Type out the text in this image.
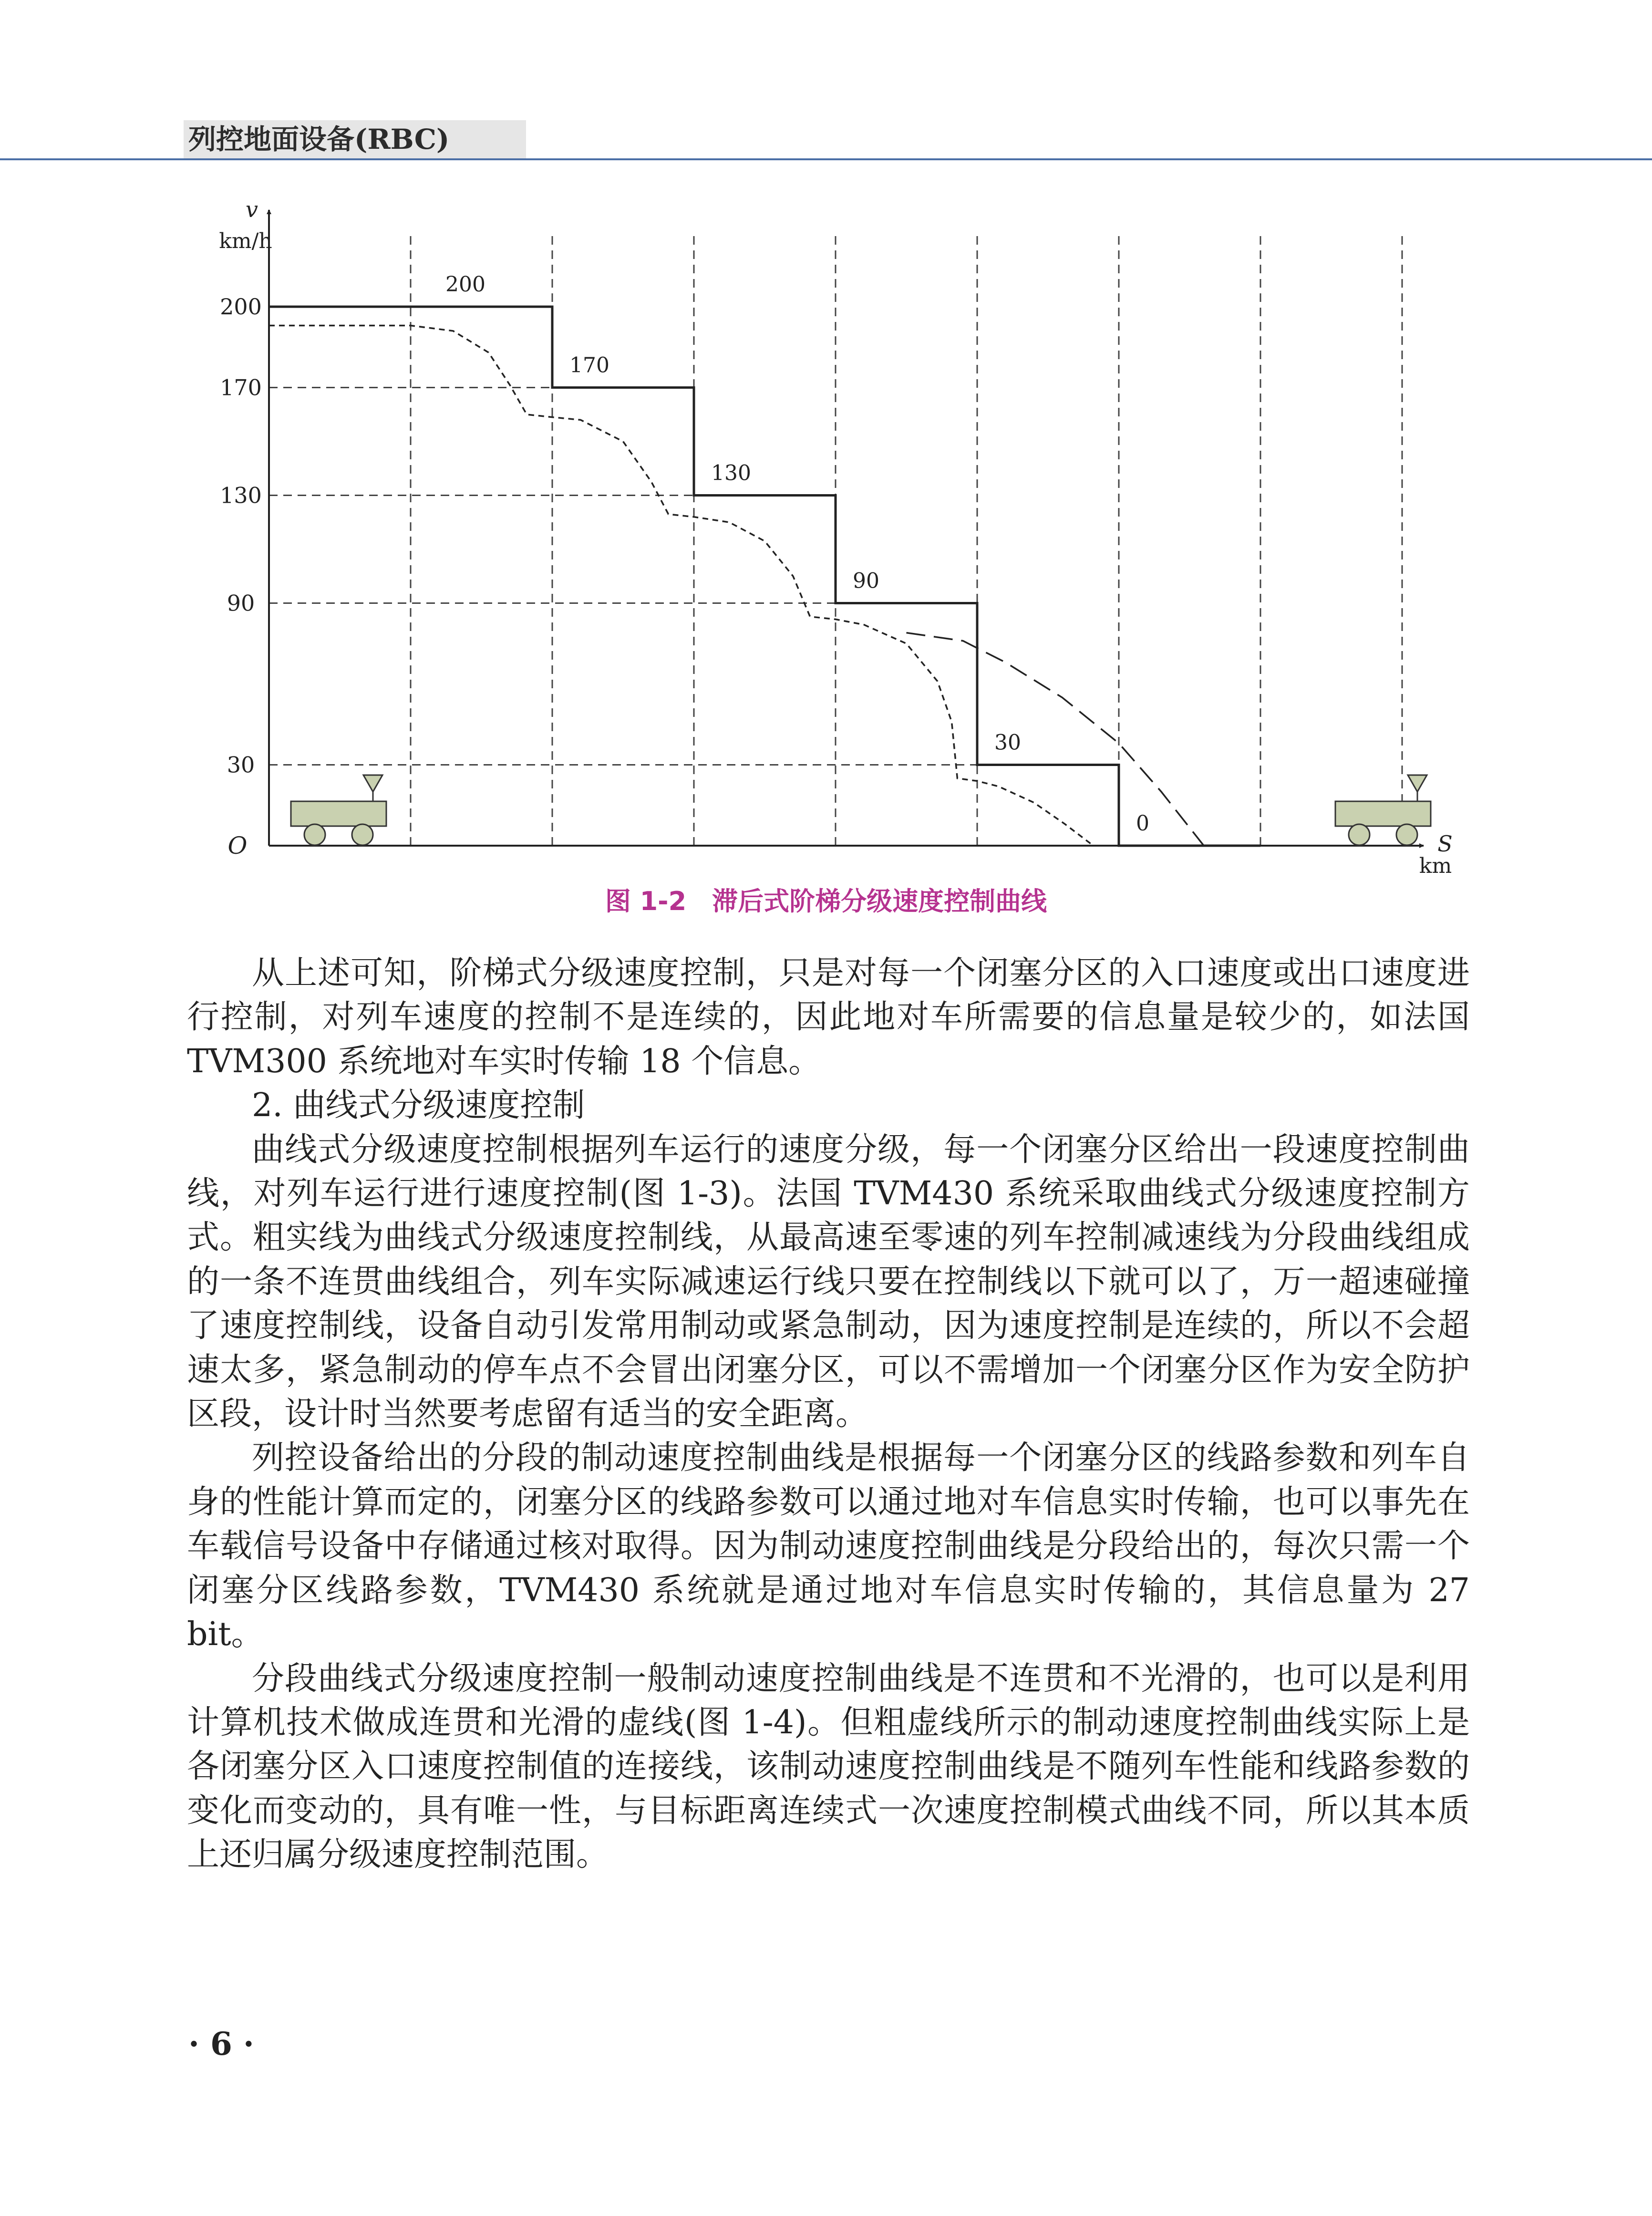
列控地面设备(RBC)
v
km/h
S
km
O
200
170
130
90
30
200
170
130
90
30
0
图 1-2　滞后式阶梯分级速度控制曲线

从上述可知，阶梯式分级速度控制，只是对每一个闭塞分区的入口速度或出口速度进行控制，对列车速度的控制不是连续的，因此地对车所需要的信息量是较少的，如法国 TVM300 系统地对车实时传输 18 个信息。

2. 曲线式分级速度控制

曲线式分级速度控制根据列车运行的速度分级，每一个闭塞分区给出一段速度控制曲线，对列车运行进行速度控制(图 1-3)。法国 TVM430 系统采取曲线式分级速度控制方式。粗实线为曲线式分级速度控制线，从最高速至零速的列车控制减速线为分段曲线组成的一条不连贯曲线组合，列车实际减速运行线只要在控制线以下就可以了，万一超速碰撞了速度控制线，设备自动引发常用制动或紧急制动，因为速度控制是连续的，所以不会超速太多，紧急制动的停车点不会冒出闭塞分区，可以不需增加一个闭塞分区作为安全防护区段，设计时当然要考虑留有适当的安全距离。

列控设备给出的分段的制动速度控制曲线是根据每一个闭塞分区的线路参数和列车自身的性能计算而定的，闭塞分区的线路参数可以通过地对车信息实时传输，也可以事先在车载信号设备中存储通过核对取得。因为制动速度控制曲线是分段给出的，每次只需一个闭塞分区线路参数，TVM430 系统就是通过地对车信息实时传输的，其信息量为 27 bit。

分段曲线式分级速度控制一般制动速度控制曲线是不连贯和不光滑的，也可以是利用计算机技术做成连贯和光滑的虚线(图 1-4)。但粗虚线所示的制动速度控制曲线实际上是各闭塞分区入口速度控制值的连接线，该制动速度控制曲线是不随列车性能和线路参数的变化而变动的，具有唯一性，与目标距离连续式一次速度控制模式曲线不同，所以其本质上还归属分级速度控制范围。

· 6 ·
